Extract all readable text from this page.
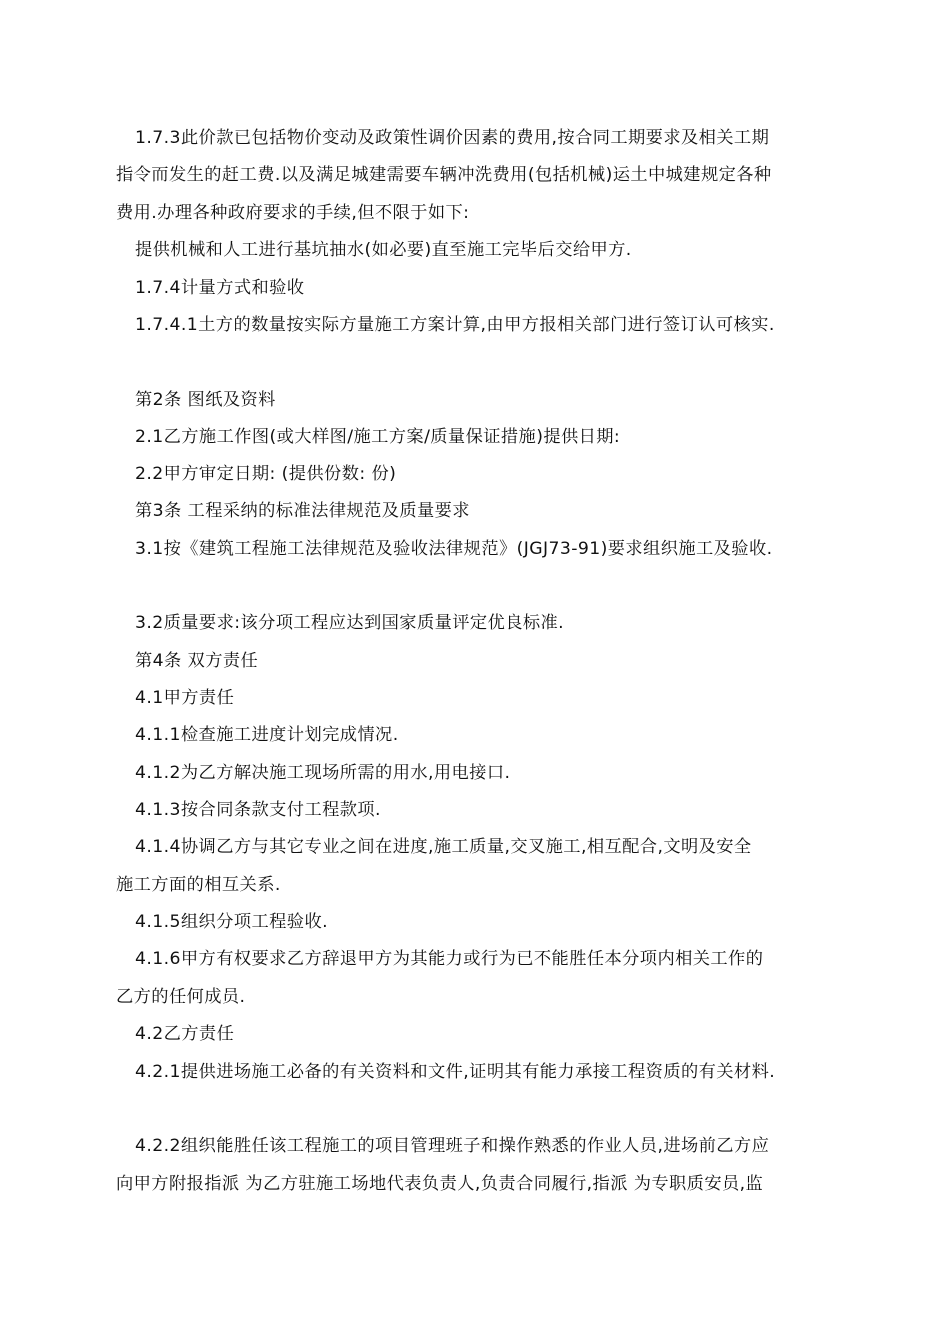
1.7.3此价款已包括物价变动及政策性调价因素的费用,按合同工期要求及相关工期
指令而发生的赶工费.以及满足城建需要车辆冲洗费用(包括机械)运土中城建规定各种
费用.办理各种政府要求的手续,但不限于如下:
提供机械和人工进行基坑抽水(如必要)直至施工完毕后交给甲方.
1.7.4计量方式和验收
1.7.4.1土方的数量按实际方量施工方案计算,由甲方报相关部门进行签订认可核实.
第2条 图纸及资料
2.1乙方施工作图(或大样图/施工方案/质量保证措施)提供日期:
2.2甲方审定日期: (提供份数: 份)
第3条 工程采纳的标准法律规范及质量要求
3.1按《建筑工程施工法律规范及验收法律规范》(JGJ73-91)要求组织施工及验收.
3.2质量要求:该分项工程应达到国家质量评定优良标准.
第4条 双方责任
4.1甲方责任
4.1.1检查施工进度计划完成情况.
4.1.2为乙方解决施工现场所需的用水,用电接口.
4.1.3按合同条款支付工程款项.
4.1.4协调乙方与其它专业之间在进度,施工质量,交叉施工,相互配合,文明及安全
施工方面的相互关系.
4.1.5组织分项工程验收.
4.1.6甲方有权要求乙方辞退甲方为其能力或行为已不能胜任本分项内相关工作的
乙方的任何成员.
4.2乙方责任
4.2.1提供进场施工必备的有关资料和文件,证明其有能力承接工程资质的有关材料.
4.2.2组织能胜任该工程施工的项目管理班子和操作熟悉的作业人员,进场前乙方应
向甲方附报指派 为乙方驻施工场地代表负责人,负责合同履行,指派 为专职质安员,监
